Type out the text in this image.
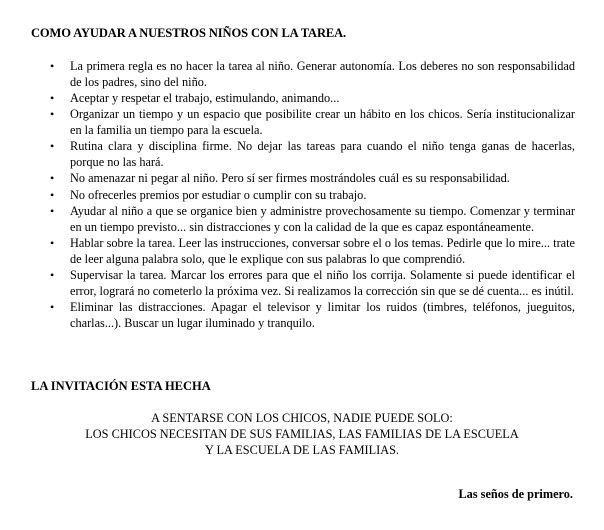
COMO AYUDAR A NUESTROS NIÑOS CON LA TAREA.
•	La primera regla es no hacer la tarea al niño. Generar autonomía. Los deberes no son responsabilidad de los padres, sino del niño.
•	Aceptar y respetar el trabajo, estimulando, animando...
•	Organizar un tiempo y un espacio que posibilite crear un hábito en los chicos. Sería institucionalizar en la familia un tiempo para la escuela.
•	Rutina clara y disciplina firme. No dejar las tareas para cuando el niño tenga ganas de hacerlas, porque no las hará.
•	No amenazar ni pegar al niño. Pero sí ser firmes mostrándoles cuál es su responsabilidad.
•	No ofrecerles premios por estudiar o cumplir con su trabajo.
•	Ayudar al niño a que se organice bien y administre provechosamente su tiempo. Comenzar y terminar en un tiempo previsto... sin distracciones y con la calidad de la que es capaz espontáneamente.
•	Hablar sobre la tarea. Leer las instrucciones, conversar sobre el o los temas. Pedirle que lo mire... trate de leer alguna palabra solo, que le explique con sus palabras lo que comprendió.
•	Supervisar la tarea. Marcar los errores para que el niño los corrija. Solamente si puede identificar el error, logrará no cometerlo la próxima vez. Si realizamos la corrección sin que se dé cuenta... es inútil.
•	Eliminar las distracciones. Apagar el televisor y limitar los ruidos (timbres, teléfonos, jueguitos, charlas...). Buscar un lugar iluminado y tranquilo.
LA INVITACIÓN ESTA HECHA
A SENTARSE CON LOS CHICOS, NADIE PUEDE SOLO:
LOS CHICOS NECESITAN DE SUS FAMILIAS, LAS FAMILIAS DE LA ESCUELA
Y LA ESCUELA DE LAS FAMILIAS.
Las seños de primero.
